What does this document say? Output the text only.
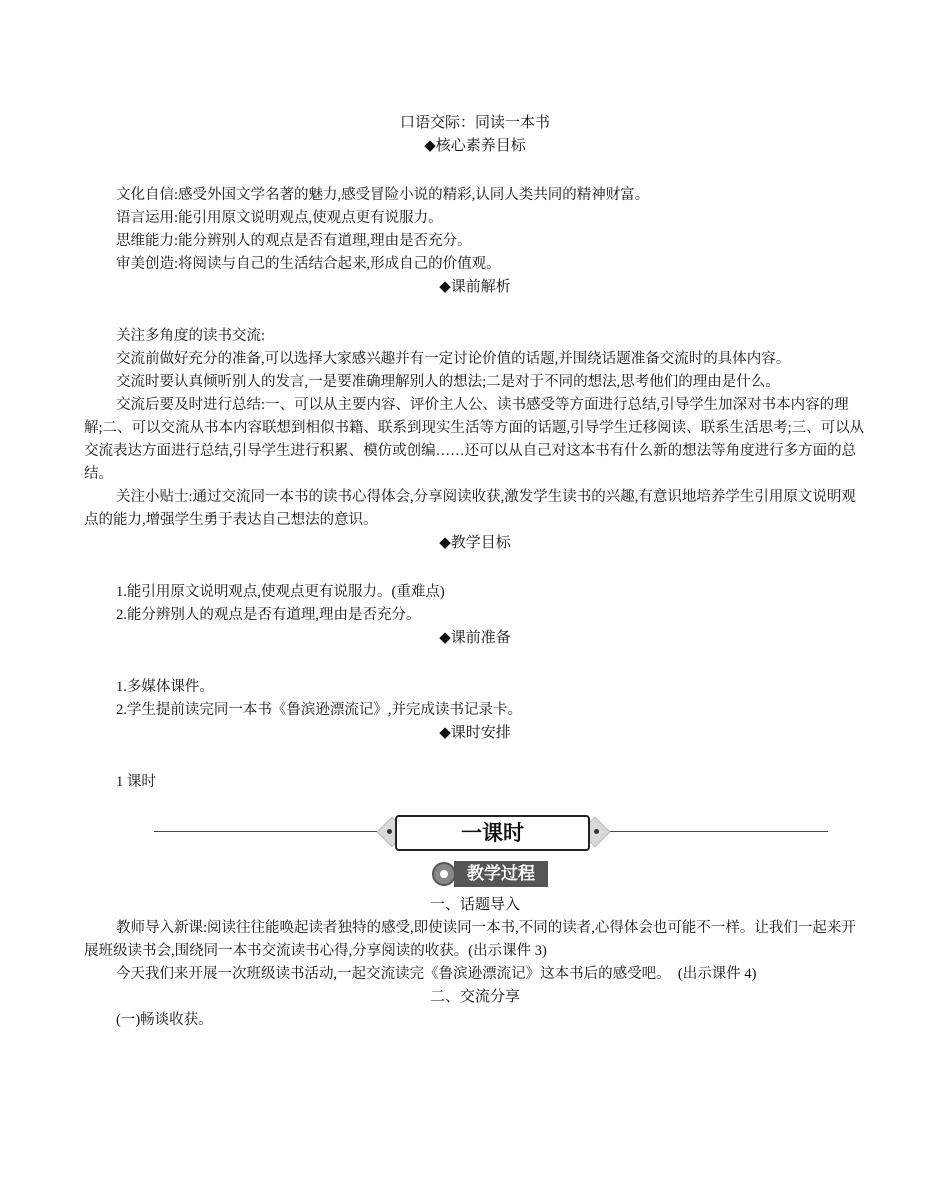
口语交际：同读一本书

◆核心素养目标

文化自信:感受外国文学名著的魅力,感受冒险小说的精彩,认同人类共同的精神财富。

语言运用:能引用原文说明观点,使观点更有说服力。

思维能力:能分辨别人的观点是否有道理,理由是否充分。

审美创造:将阅读与自己的生活结合起来,形成自己的价值观。

◆课前解析

关注多角度的读书交流:

交流前做好充分的准备,可以选择大家感兴趣并有一定讨论价值的话题,并围绕话题准备交流时的具体内容。

交流时要认真倾听别人的发言,一是要准确理解别人的想法;二是对于不同的想法,思考他们的理由是什么。

交流后要及时进行总结:一、可以从主要内容、评价主人公、读书感受等方面进行总结,引导学生加深对书本内容的理解;二、可以交流从书本内容联想到相似书籍、联系到现实生活等方面的话题,引导学生迁移阅读、联系生活思考;三、可以从交流表达方面进行总结,引导学生进行积累、模仿或创编……还可以从自己对这本书有什么新的想法等角度进行多方面的总结。

关注小贴士:通过交流同一本书的读书心得体会,分享阅读收获,激发学生读书的兴趣,有意识地培养学生引用原文说明观点的能力,增强学生勇于表达自己想法的意识。

◆教学目标

1.能引用原文说明观点,使观点更有说服力。(重难点)

2.能分辨别人的观点是否有道理,理由是否充分。

◆课前准备

1.多媒体课件。

2.学生提前读完同一本书《鲁滨逊漂流记》,并完成读书记录卡。

◆课时安排

1 课时

一课时
教学过程

一、话题导入

教师导入新课:阅读往往能唤起读者独特的感受,即使读同一本书,不同的读者,心得体会也可能不一样。让我们一起来开展班级读书会,围绕同一本书交流读书心得,分享阅读的收获。(出示课件 3)

今天我们来开展一次班级读书活动,一起交流读完《鲁滨逊漂流记》这本书后的感受吧。　(出示课件 4)

二、交流分享

(一)畅谈收获。
